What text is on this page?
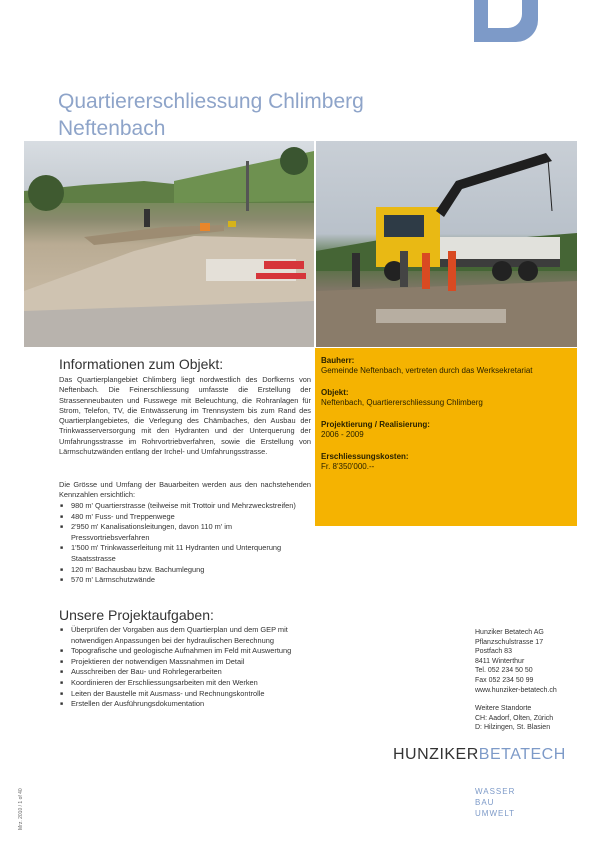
Quartiererschliessung Chlimberg
Neftenbach
Bauherr:
Gemeinde Neftenbach, vertreten durch das Werksekretariat
Objekt:
Neftenbach, Quartiererschliessung Chlimberg
Projektierung / Realisierung:
2006 - 2009
Erschliessungskosten:
Fr. 8'350'000.--
Informationen zum Objekt:
Das Quartierplangebiet Chlimberg liegt nordwestlich des Dorfkerns von Neftenbach. Die Feinerschliessung umfasste die Erstellung der Strassenneubauten und Fusswege mit Beleuchtung, die Rohranlagen für Strom, Telefon, TV, die Entwässerung im Trennsystem bis zum Rand des Quartierplangebietes, die Verlegung des Chämbaches, den Ausbau der Trinkwasserversorgung mit den Hydranten und der Unterquerung der Umfahrungsstrasse im Rohrvortriebverfahren, sowie die Erstellung von Lärmschutzwänden entlang der Irchel- und Umfahrungsstrasse.
Die Grösse und Umfang der Bauarbeiten werden aus den nachstehenden Kennzahlen ersichtlich:
■ 980 m' Quartierstrasse (teilweise mit Trottoir und Mehrzweckstreifen)
■ 480 m' Fuss- und Treppenwege
■ 2'950 m' Kanalisationsleitungen, davon 110 m' im Pressvortriebsverfahren
■ 1'500 m' Trinkwasserleitung mit 11 Hydranten und Unterquerung Staatsstrasse
■ 120 m' Bachausbau bzw. Bachumlegung
■ 570 m' Lärmschutzwände
Unsere Projektaufgaben:
■ Überprüfen der Vorgaben aus dem Quartierplan und dem GEP mit notwendigen Anpassungen bei der hydraulischen Berechnung
■ Topografische und geologische Aufnahmen im Feld mit Auswertung
■ Projektieren der notwendigen Massnahmen im Detail
■ Ausschreiben der Bau- und Rohrlegerarbeiten
■ Koordinieren der Erschliessungsarbeiten mit den Werken
■ Leiten der Baustelle mit Ausmass- und Rechnungskontrolle
■ Erstellen der Ausführungsdokumentation
Hunziker Betatech AG
Pflanzschulstrasse 17
Postfach 83
8411 Winterthur
Tel. 052 234 50 50
Fax 052 234 50 99
www.hunziker-betatech.ch
Weitere Standorte
CH: Aadorf, Olten, Zürich
D: Hilzingen, St. Blasien
HUNZIKERBETATECH
WASSER
BAU
UMWELT
Mrz. 2010 / 1 of 40
